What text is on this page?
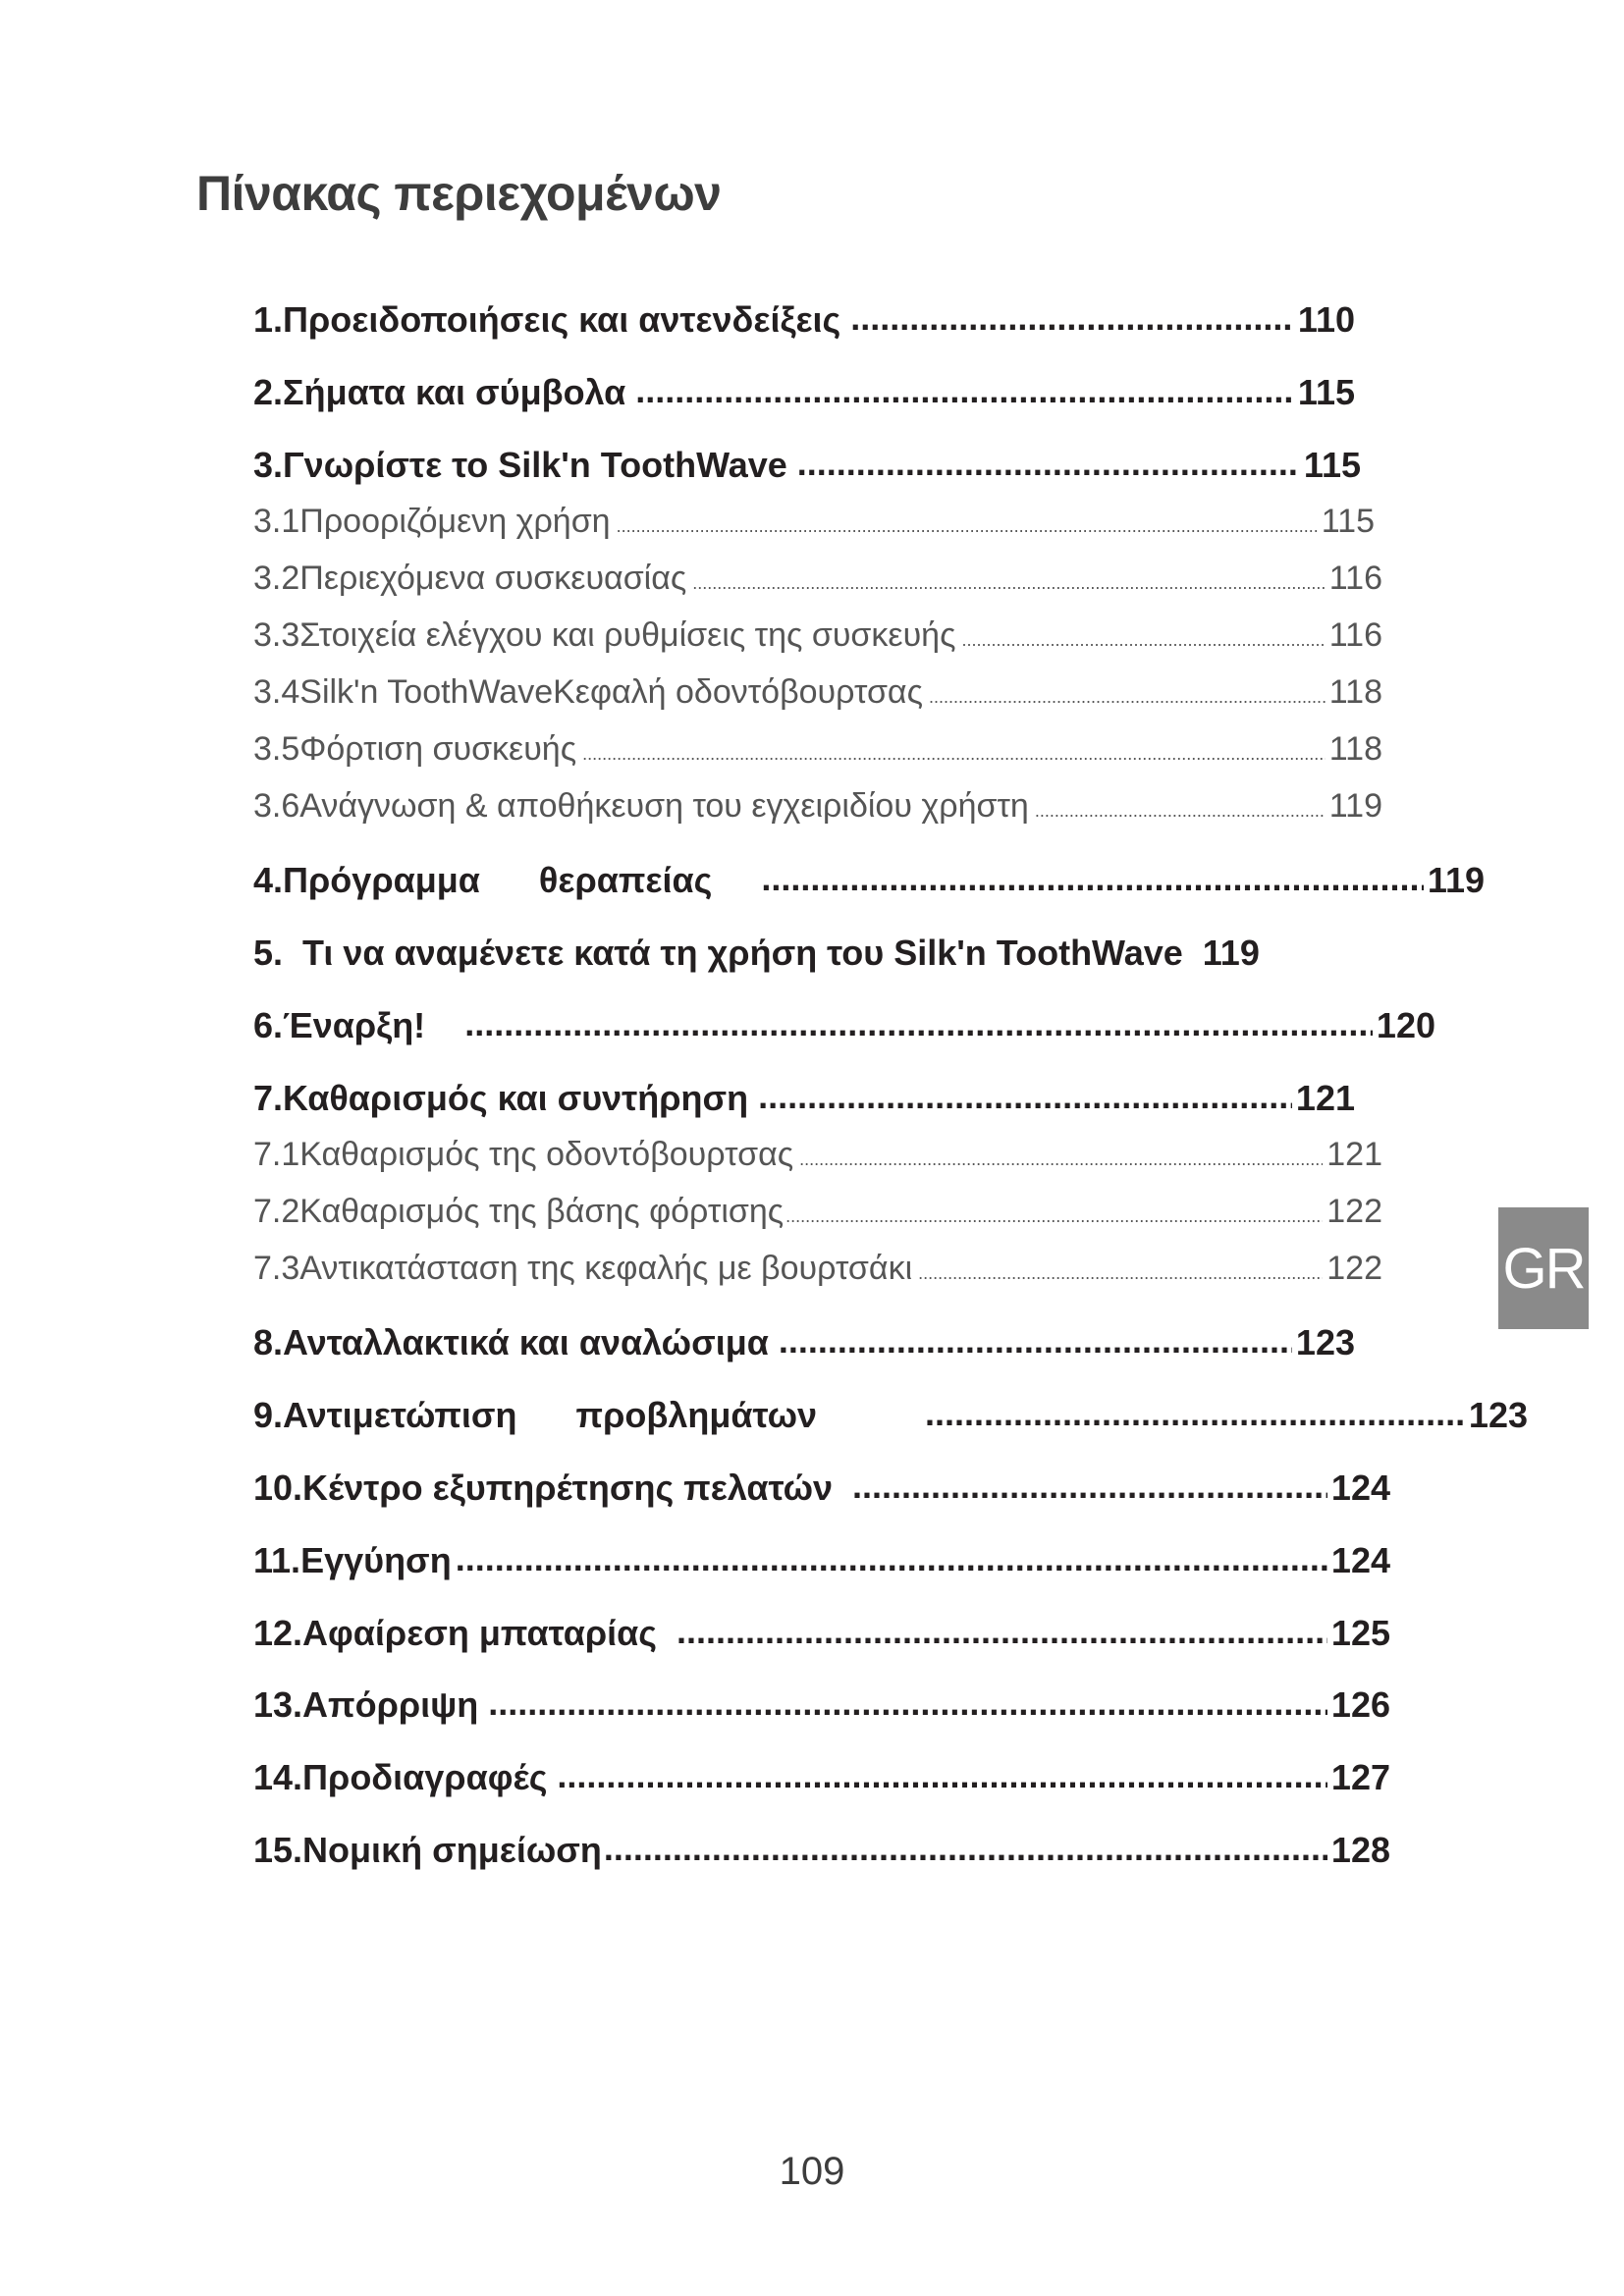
Πίνακας περιεχομένων
1. Προειδοποιήσεις και αντενδείξεις .....	110
2. Σήματα και σύμβολα .....	115
3. Γνωρίστε το Silk'n ToothWave .....	115
3.1 Προοριζόμενη χρήση .....	115
3.2 Περιεχόμενα συσκευασίας .....	116
3.3 Στοιχεία ελέγχου και ρυθμίσεις της συσκευής .....	116
3.4 Silk'n ToothWaveΚεφαλή οδοντόβουρτσας .....	118
3.5 Φόρτιση συσκευής .....	118
3.6 Ανάγνωση & αποθήκευση του εγχειριδίου χρήστη .....	119
4. Πρόγραμμα θεραπείας .....	119
5. Τι να αναμένετε κατά τη χρήση του Silk'n ToothWave 119
6. Έναρξη! .....	120
7. Καθαρισμός και συντήρηση .....	121
7.1 Καθαρισμός της οδοντόβουρτσας .....	121
7.2 Καθαρισμός της βάσης φόρτισης .....	122
7.3 Αντικατάσταση της κεφαλής με βουρτσάκι .....	122
8. Ανταλλακτικά και αναλώσιμα .....	123
9. Αντιμετώπιση προβλημάτων .....	123
10. Κέντρο εξυπηρέτησης πελατών .....	124
11. Εγγύηση .....	124
12. Αφαίρεση μπαταρίας .....	125
13. Απόρριψη .....	126
14. Προδιαγραφές .....	127
15. Νομική σημείωση .....	128
GR
109
